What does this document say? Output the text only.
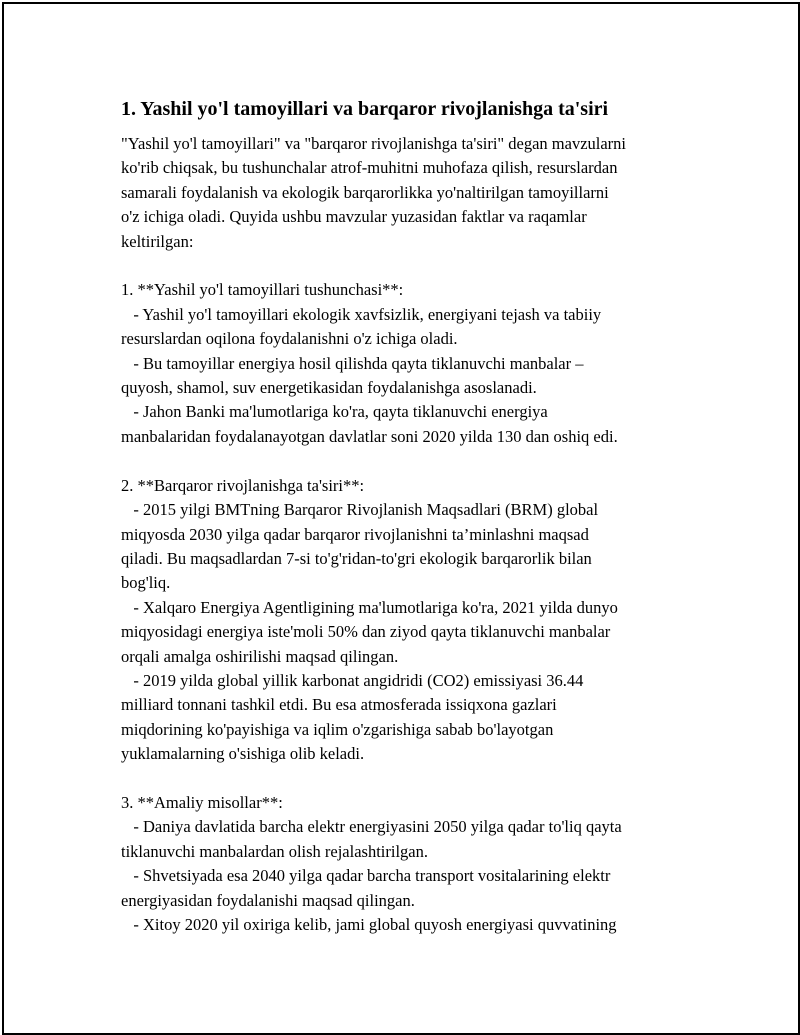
1. Yashil yo'l tamoyillari va barqaror rivojlanishga ta'siri

"Yashil yo'l tamoyillari" va "barqaror rivojlanishga ta'siri" degan mavzularni
ko'rib chiqsak, bu tushunchalar atrof-muhitni muhofaza qilish, resurslardan
samarali foydalanish va ekologik barqarorlikka yo'naltirilgan tamoyillarni
o'z ichiga oladi. Quyida ushbu mavzular yuzasidan faktlar va raqamlar
keltirilgan:

1. **Yashil yo'l tamoyillari tushunchasi**:
- Yashil yo'l tamoyillari ekologik xavfsizlik, energiyani tejash va tabiiy
resurslardan oqilona foydalanishni o'z ichiga oladi.
- Bu tamoyillar energiya hosil qilishda qayta tiklanuvchi manbalar –
quyosh, shamol, suv energetikasidan foydalanishga asoslanadi.
- Jahon Banki ma'lumotlariga ko'ra, qayta tiklanuvchi energiya
manbalaridan foydalanayotgan davlatlar soni 2020 yilda 130 dan oshiq edi.

2. **Barqaror rivojlanishga ta'siri**:
- 2015 yilgi BMTning Barqaror Rivojlanish Maqsadlari (BRM) global
miqyosda 2030 yilga qadar barqaror rivojlanishni ta’minlashni maqsad
qiladi. Bu maqsadlardan 7-si to'g'ridan-to'gri ekologik barqarorlik bilan
bog'liq.
- Xalqaro Energiya Agentligining ma'lumotlariga ko'ra, 2021 yilda dunyo
miqyosidagi energiya iste'moli 50% dan ziyod qayta tiklanuvchi manbalar
orqali amalga oshirilishi maqsad qilingan.
- 2019 yilda global yillik karbonat angidridi (CO2) emissiyasi 36.44
milliard tonnani tashkil etdi. Bu esa atmosferada issiqxona gazlari
miqdorining ko'payishiga va iqlim o'zgarishiga sabab bo'layotgan
yuklamalarning o'sishiga olib keladi.

3. **Amaliy misollar**:
- Daniya davlatida barcha elektr energiyasini 2050 yilga qadar to'liq qayta
tiklanuvchi manbalardan olish rejalashtirilgan.
- Shvetsiyada esa 2040 yilga qadar barcha transport vositalarining elektr
energiyasidan foydalanishi maqsad qilingan.
- Xitoy 2020 yil oxiriga kelib, jami global quyosh energiyasi quvvatining
